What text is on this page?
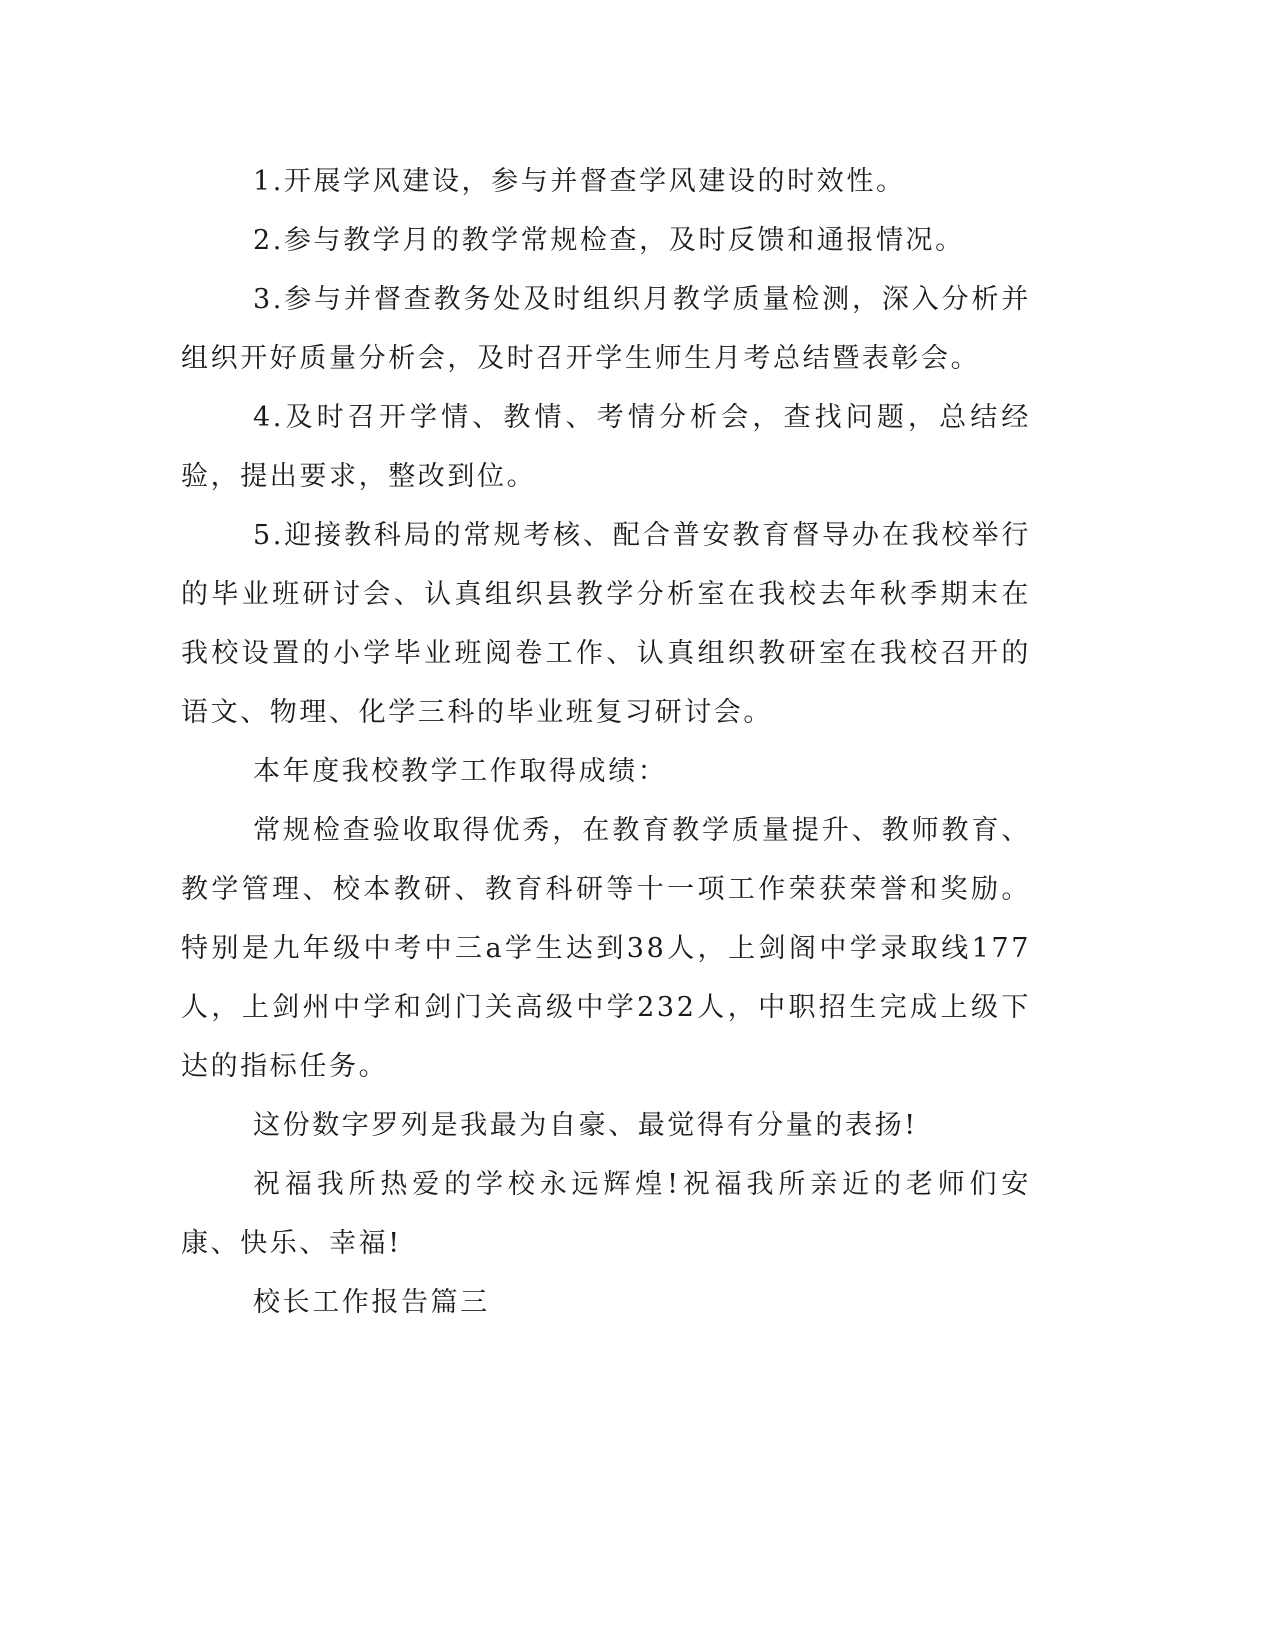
1.开展学风建设，参与并督查学风建设的时效性。

2.参与教学月的教学常规检查，及时反馈和通报情况。

3.参与并督查教务处及时组织月教学质量检测，深入分析并组织开好质量分析会，及时召开学生师生月考总结暨表彰会。

4.及时召开学情、教情、考情分析会，查找问题，总结经验，提出要求，整改到位。

5.迎接教科局的常规考核、配合普安教育督导办在我校举行的毕业班研讨会、认真组织县教学分析室在我校去年秋季期末在我校设置的小学毕业班阅卷工作、认真组织教研室在我校召开的语文、物理、化学三科的毕业班复习研讨会。

本年度我校教学工作取得成绩：

常规检查验收取得优秀，在教育教学质量提升、教师教育、教学管理、校本教研、教育科研等十一项工作荣获荣誉和奖励。特别是九年级中考中三a学生达到38人，上剑阁中学录取线177人，上剑州中学和剑门关高级中学232人，中职招生完成上级下达的指标任务。

这份数字罗列是我最为自豪、最觉得有分量的表扬!

祝福我所热爱的学校永远辉煌!祝福我所亲近的老师们安康、快乐、幸福!

校长工作报告篇三
